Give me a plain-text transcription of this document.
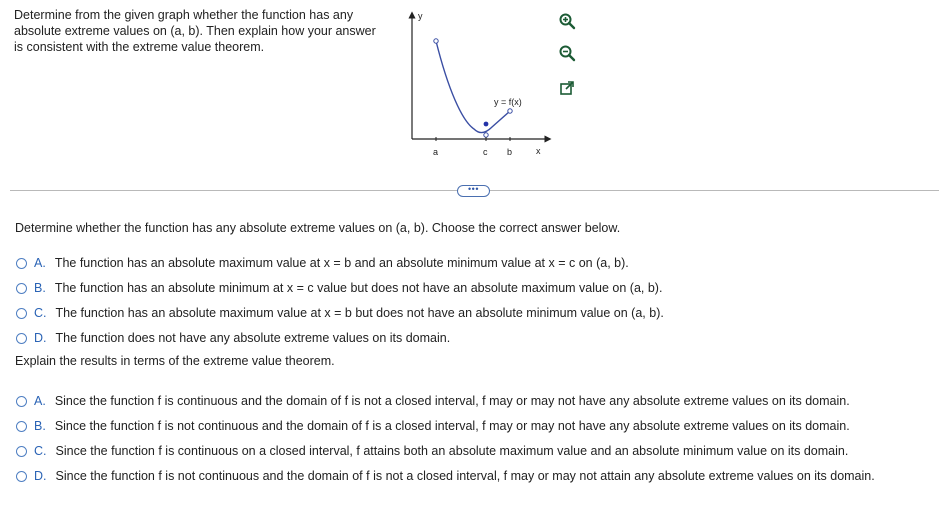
Determine from the given graph whether the function has any absolute extreme values on (a, b). Then explain how your answer is consistent with the extreme value theorem.
y
x
y = f(x)
a	c b
•••
Determine whether the function has any absolute extreme values on (a, b). Choose the correct answer below.
A. The function has an absolute maximum value at x = b and an absolute minimum value at x = c on (a, b).
B. The function has an absolute minimum at x = c value but does not have an absolute maximum value on (a, b).
C. The function has an absolute maximum value at x = b but does not have an absolute minimum value on (a, b).
D. The function does not have any absolute extreme values on its domain.
Explain the results in terms of the extreme value theorem.
A. Since the function f is continuous and the domain of f is not a closed interval, f may or may not have any absolute extreme values on its domain.
B. Since the function f is not continuous and the domain of f is a closed interval, f may or may not have any absolute extreme values on its domain.
C. Since the function f is continuous on a closed interval, f attains both an absolute maximum value and an absolute minimum value on its domain.
D. Since the function f is not continuous and the domain of f is not a closed interval, f may or may not attain any absolute extreme values on its domain.
